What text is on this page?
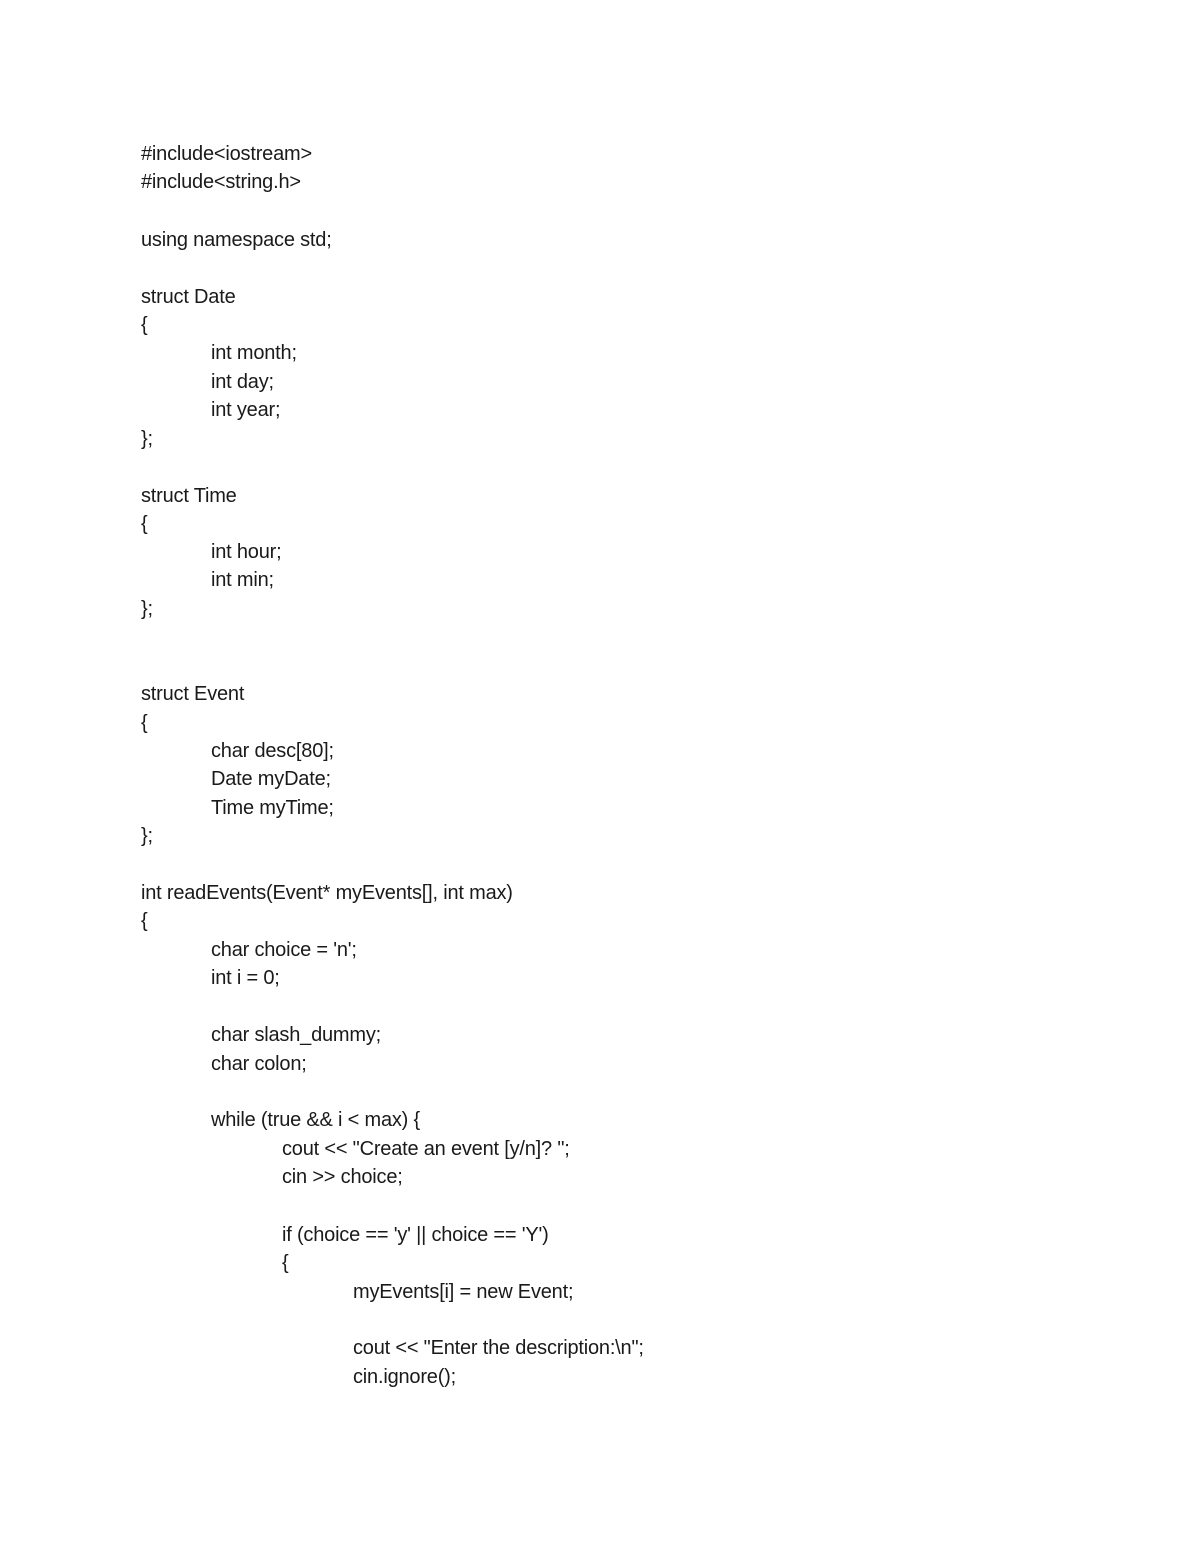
#include<iostream>

#include<string.h>

using namespace std;

struct Date

{

int month;

int day;

int year;

};

struct Time

{

int hour;

int min;

};

struct Event

{

char desc[80];

Date myDate;

Time myTime;

};

int readEvents(Event* myEvents[], int max)

{

char choice = 'n';

int i = 0;

char slash_dummy;

char colon;

while (true && i < max) {

cout << "Create an event [y/n]? ";

cin >> choice;

if (choice == 'y' || choice == 'Y')

{

myEvents[i] = new Event;

cout << "Enter the description:\n";

cin.ignore();
